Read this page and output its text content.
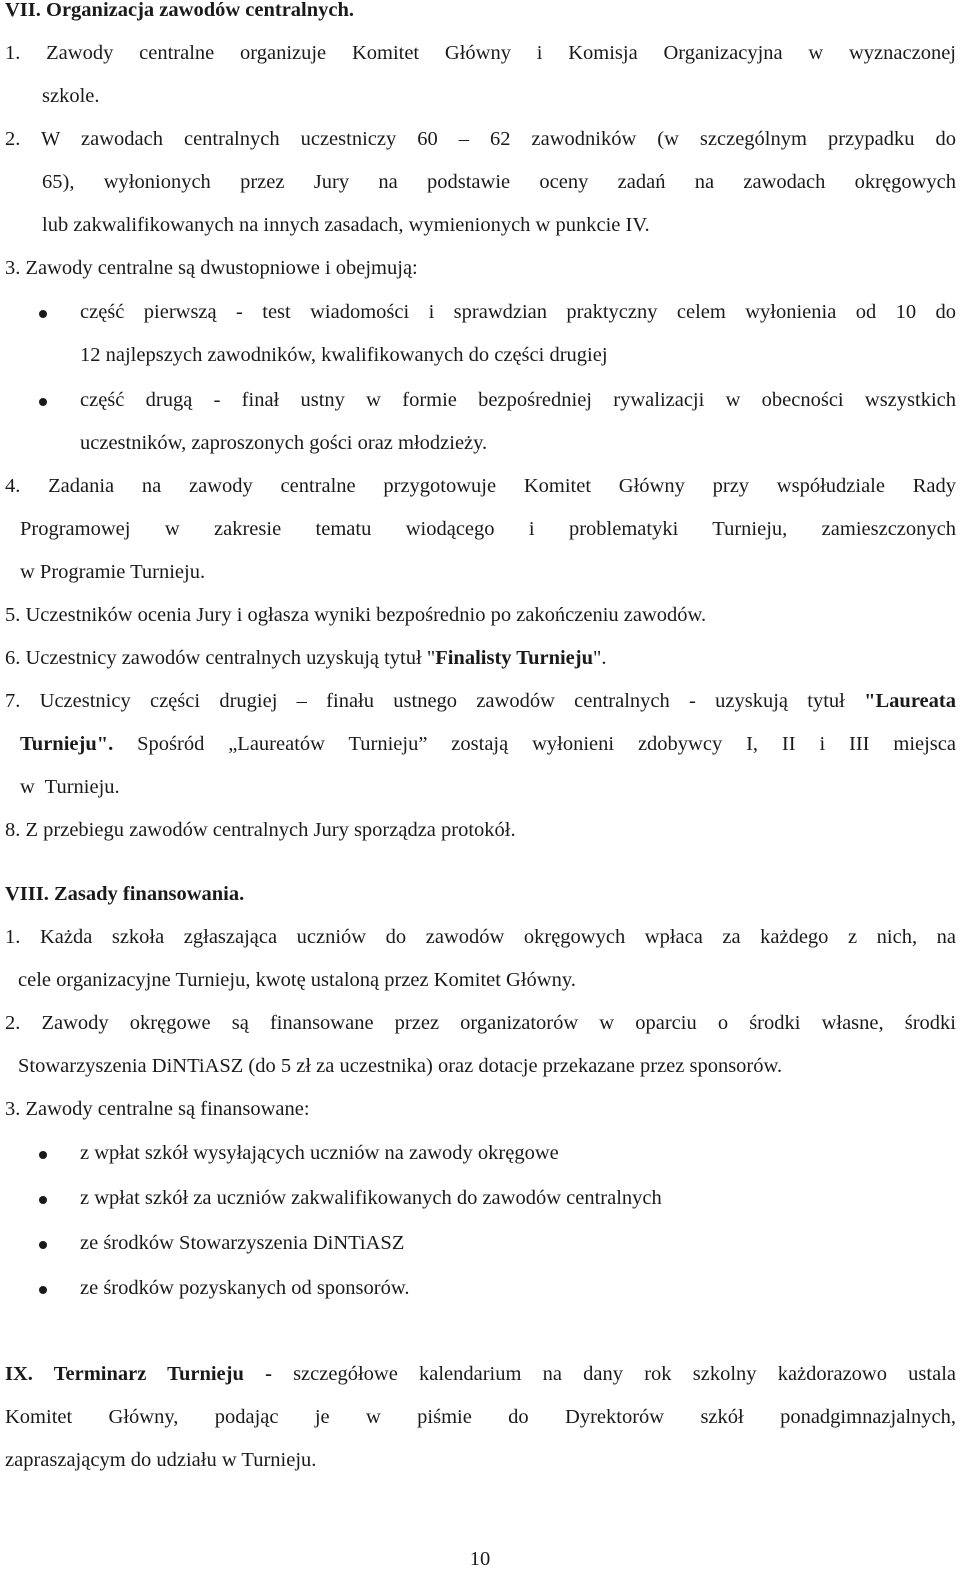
VII. Organizacja zawodów centralnych.
1. Zawody centralne organizuje Komitet Główny i Komisja Organizacyjna w wyznaczonej
szkole.
2. W zawodach centralnych uczestniczy 60 – 62 zawodników (w szczególnym przypadku do
65), wyłonionych przez Jury na podstawie oceny zadań na zawodach okręgowych
lub zakwalifikowanych na innych zasadach, wymienionych w punkcie IV.
3. Zawody centralne są dwustopniowe i obejmują:
część pierwszą - test wiadomości i sprawdzian praktyczny celem wyłonienia od 10 do
12 najlepszych zawodników, kwalifikowanych do części drugiej
część drugą - finał ustny w formie bezpośredniej rywalizacji w obecności wszystkich
uczestników, zaproszonych gości oraz młodzieży.
4. Zadania na zawody centralne przygotowuje Komitet Główny przy współudziale Rady
Programowej w zakresie tematu wiodącego i problematyki Turnieju, zamieszczonych
w Programie Turnieju.
5. Uczestników ocenia Jury i ogłasza wyniki bezpośrednio po zakończeniu zawodów.
6. Uczestnicy zawodów centralnych uzyskują tytuł "Finalisty Turnieju".
7. Uczestnicy części drugiej – finału ustnego zawodów centralnych - uzyskują tytuł "Laureata
Turnieju". Spośród „Laureatów Turnieju” zostają wyłonieni zdobywcy I, II i III miejsca
w  Turnieju.
8. Z przebiegu zawodów centralnych Jury sporządza protokół.
VIII. Zasady finansowania.
1. Każda szkoła zgłaszająca uczniów do zawodów okręgowych wpłaca za każdego z nich, na
cele organizacyjne Turnieju, kwotę ustaloną przez Komitet Główny.
2. Zawody okręgowe są finansowane przez organizatorów w oparciu o środki własne, środki
Stowarzyszenia DiNTiASZ (do 5 zł za uczestnika) oraz dotacje przekazane przez sponsorów.
3. Zawody centralne są finansowane:
z wpłat szkół wysyłających uczniów na zawody okręgowe
z wpłat szkół za uczniów zakwalifikowanych do zawodów centralnych
ze środków Stowarzyszenia DiNTiASZ
ze środków pozyskanych od sponsorów.
IX. Terminarz Turnieju - szczegółowe kalendarium na dany rok szkolny każdorazowo ustala
Komitet Główny, podając je w piśmie do Dyrektorów szkół ponadgimnazjalnych,
zapraszającym do udziału w Turnieju.
10
